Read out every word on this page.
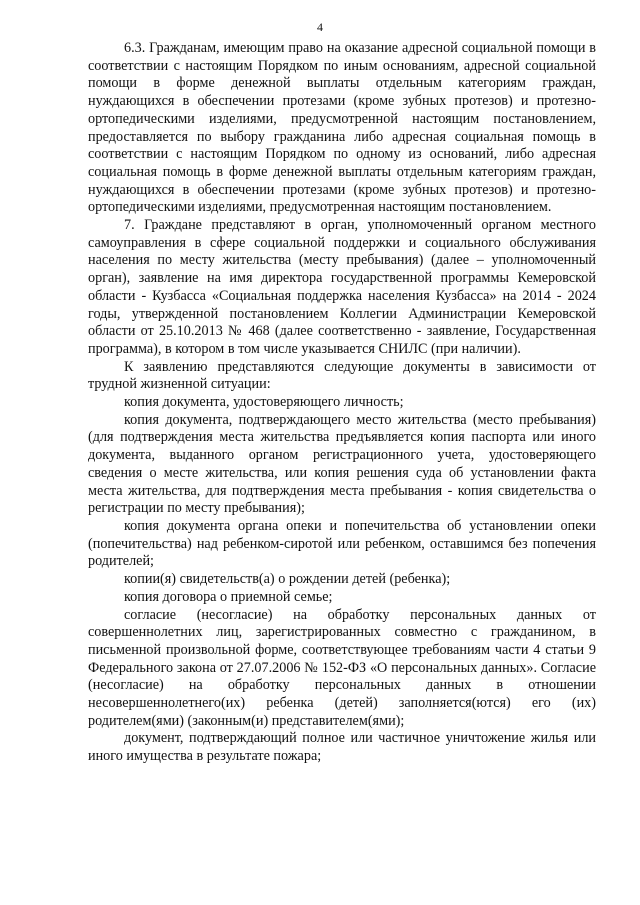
4

6.3. Гражданам, имеющим право на оказание адресной социальной помощи в соответствии с настоящим Порядком по иным основаниям, адресной социальной помощи в форме денежной выплаты отдельным категориям граждан, нуждающихся в обеспечении протезами (кроме зубных протезов) и протезно-ортопедическими изделиями, предусмотренной настоящим постановлением, предоставляется по выбору гражданина либо адресная социальная помощь в соответствии с настоящим Порядком по одному из оснований, либо адресная социальная помощь в форме денежной выплаты отдельным категориям граждан, нуждающихся в обеспечении протезами (кроме зубных протезов) и протезно-ортопедическими изделиями, предусмотренная настоящим постановлением.

7. Граждане представляют в орган, уполномоченный органом местного самоуправления в сфере социальной поддержки и социального обслуживания населения по месту жительства (месту пребывания) (далее – уполномоченный орган), заявление на имя директора государственной программы Кемеровской области - Кузбасса «Социальная поддержка населения Кузбасса» на 2014 - 2024 годы, утвержденной постановлением Коллегии Администрации Кемеровской области от 25.10.2013 № 468 (далее соответственно - заявление, Государственная программа), в котором в том числе указывается СНИЛС (при наличии).

К заявлению представляются следующие документы в зависимости от трудной жизненной ситуации:

копия документа, удостоверяющего личность;

копия документа, подтверждающего место жительства (место пребывания) (для подтверждения места жительства предъявляется копия паспорта или иного документа, выданного органом регистрационного учета, удостоверяющего сведения о месте жительства, или копия решения суда об установлении факта места жительства, для подтверждения места пребывания - копия свидетельства о регистрации по месту пребывания);

копия документа органа опеки и попечительства об установлении опеки (попечительства) над ребенком-сиротой или ребенком, оставшимся без попечения родителей;

копии(я) свидетельств(а) о рождении детей (ребенка);

копия договора о приемной семье;

согласие (несогласие) на обработку персональных данных от совершеннолетних лиц, зарегистрированных совместно с гражданином, в письменной произвольной форме, соответствующее требованиям части 4 статьи 9 Федерального закона от 27.07.2006 № 152-ФЗ «О персональных данных». Согласие (несогласие) на обработку персональных данных в отношении несовершеннолетнего(их) ребенка (детей) заполняется(ются) его (их) родителем(ями) (законным(и) представителем(ями);

документ, подтверждающий полное или частичное уничтожение жилья или иного имущества в результате пожара;
